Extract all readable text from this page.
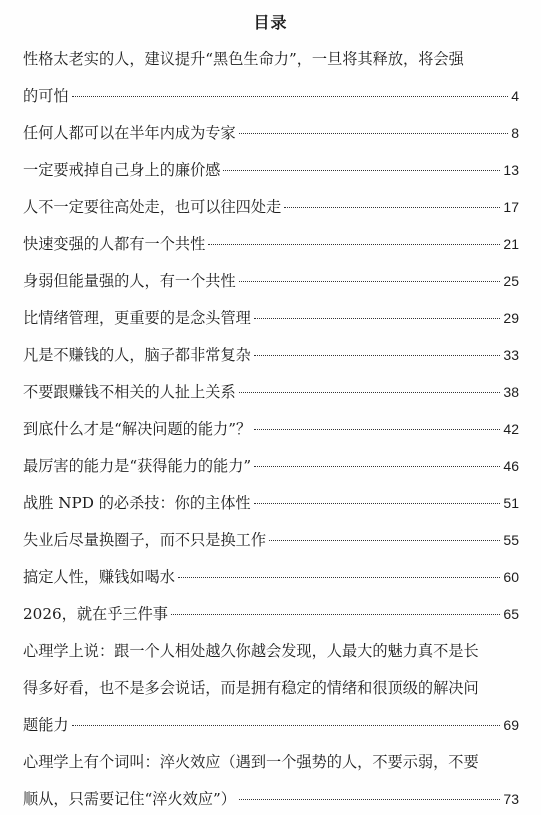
目录
性格太老实的人，建议提升“黑色生命力”，一旦将其释放，将会强
的可怕	4
任何人都可以在半年内成为专家	8
一定要戒掉自己身上的廉价感	13
人不一定要往高处走，也可以往四处走	17
快速变强的人都有一个共性	21
身弱但能量强的人，有一个共性	25
比情绪管理，更重要的是念头管理	29
凡是不赚钱的人，脑子都非常复杂	33
不要跟赚钱不相关的人扯上关系	38
到底什么才是“解决问题的能力”？	42
最厉害的能力是“获得能力的能力”	46
战胜 NPD 的必杀技：你的主体性	51
失业后尽量换圈子，而不只是换工作	55
搞定人性，赚钱如喝水	60
2026，就在乎三件事	65
心理学上说：跟一个人相处越久你越会发现，人最大的魅力真不是长
得多好看，也不是多会说话，而是拥有稳定的情绪和很顶级的解决问
题能力	69
心理学上有个词叫：淬火效应（遇到一个强势的人，不要示弱，不要
顺从，只需要记住“淬火效应”）	73
